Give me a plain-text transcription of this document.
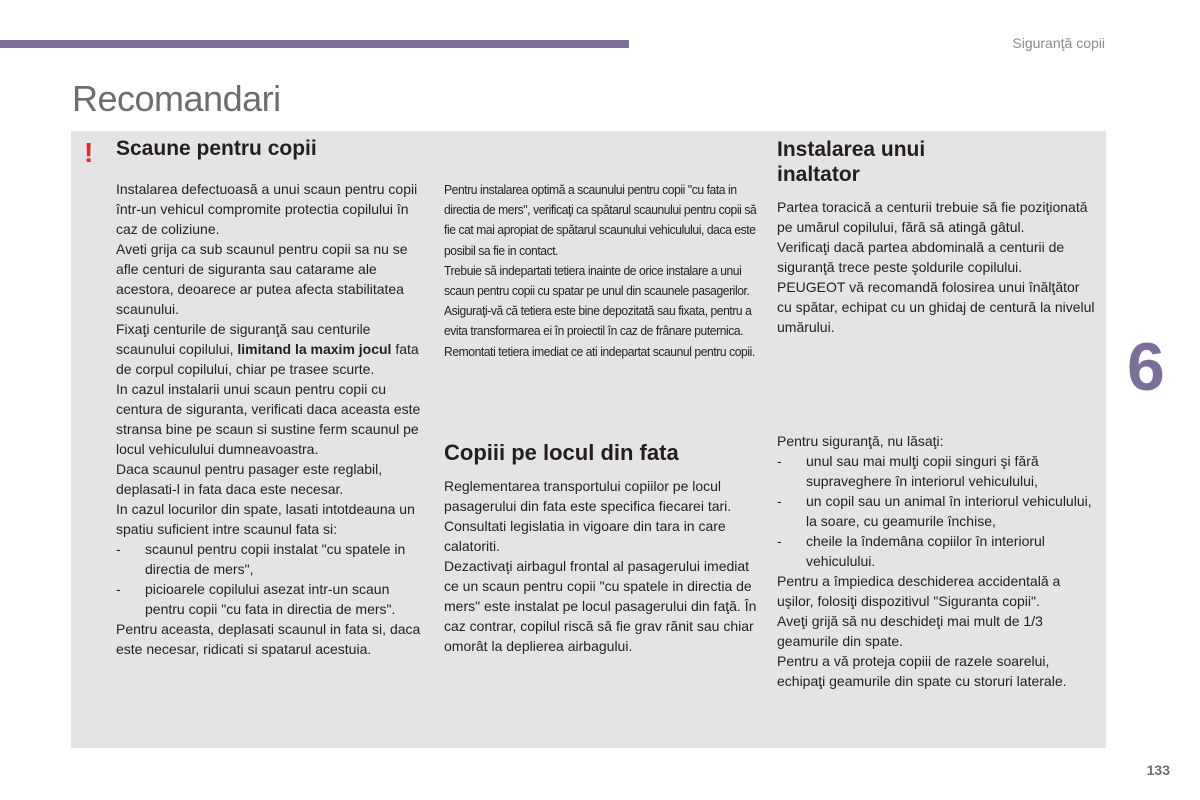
Siguranţă copii
Recomandari
! Scaune pentru copii

Instalarea defectuoasă a unui scaun pentru copii într-un vehicul compromite protectia copilului în caz de coliziune.

Aveti grija ca sub scaunul pentru copii sa nu se afle centuri de siguranta sau catarame ale acestora, deoarece ar putea afecta stabilitatea scaunului.

Fixaţi centurile de siguranţă sau centurile scaunului copilului, limitand la maxim jocul fata de corpul copilului, chiar pe trasee scurte.

In cazul instalarii unui scaun pentru copii cu centura de siguranta, verificati daca aceasta este stransa bine pe scaun si sustine ferm scaunul pe locul vehiculului dumneavoastra.

Daca scaunul pentru pasager este reglabil, deplasati-l in fata daca este necesar.

In cazul locurilor din spate, lasati intotdeauna un spatiu suficient intre scaunul fata si:

- scaunul pentru copii instalat "cu spatele in directia de mers",

- picioarele copilului asezat intr-un scaun pentru copii "cu fata in directia de mers".

Pentru aceasta, deplasati scaunul in fata si, daca este necesar, ridicati si spatarul acestuia.

Pentru instalarea optimă a scaunului pentru copii "cu fata in directia de mers", verificaţi ca spătarul scaunului pentru copii să fie cat mai apropiat de spătarul scaunului vehiculului, daca este posibil sa fie in contact.

Trebuie să indepartati tetiera inainte de orice instalare a unui scaun pentru copii cu spatar pe unul din scaunele pasagerilor.

Asiguraţi-vă că tetiera este bine depozitată sau fixata, pentru a evita transformarea ei în proiectil în caz de frânare puternica.

Remontati tetiera imediat ce ati indepartat scaunul pentru copii.

Copiii pe locul din fata

Reglementarea transportului copiilor pe locul pasagerului din fata este specifica fiecarei tari. Consultati legislatia in vigoare din tara in care calatoriti.

Dezactivaţi airbagul frontal al pasagerului imediat ce un scaun pentru copii "cu spatele in directia de mers" este instalat pe locul pasagerului din faţă. În caz contrar, copilul riscă să fie grav rănit sau chiar omorât la deplierea airbagului.

Instalarea unui
inaltator

Partea toracică a centurii trebuie să fie poziţionată pe umărul copilului, fără să atingă gâtul.

Verificaţi dacă partea abdominală a centurii de siguranţă trece peste şoldurile copilului.

PEUGEOT vă recomandă folosirea unui înălţător cu spătar, echipat cu un ghidaj de centură la nivelul umărului.

Pentru siguranţă, nu lăsaţi:

- unul sau mai mulţi copii singuri şi fără supraveghere în interiorul vehiculului,

- un copil sau un animal în interiorul vehiculului, la soare, cu geamurile închise,

- cheile la îndemâna copiilor în interiorul vehiculului.

Pentru a împiedica deschiderea accidentală a uşilor, folosiţi dispozitivul "Siguranta copii".

Aveţi grijă să nu deschideţi mai mult de 1/3 geamurile din spate.

Pentru a vă proteja copiii de razele soarelui, echipaţi geamurile din spate cu storuri laterale.

6
133
